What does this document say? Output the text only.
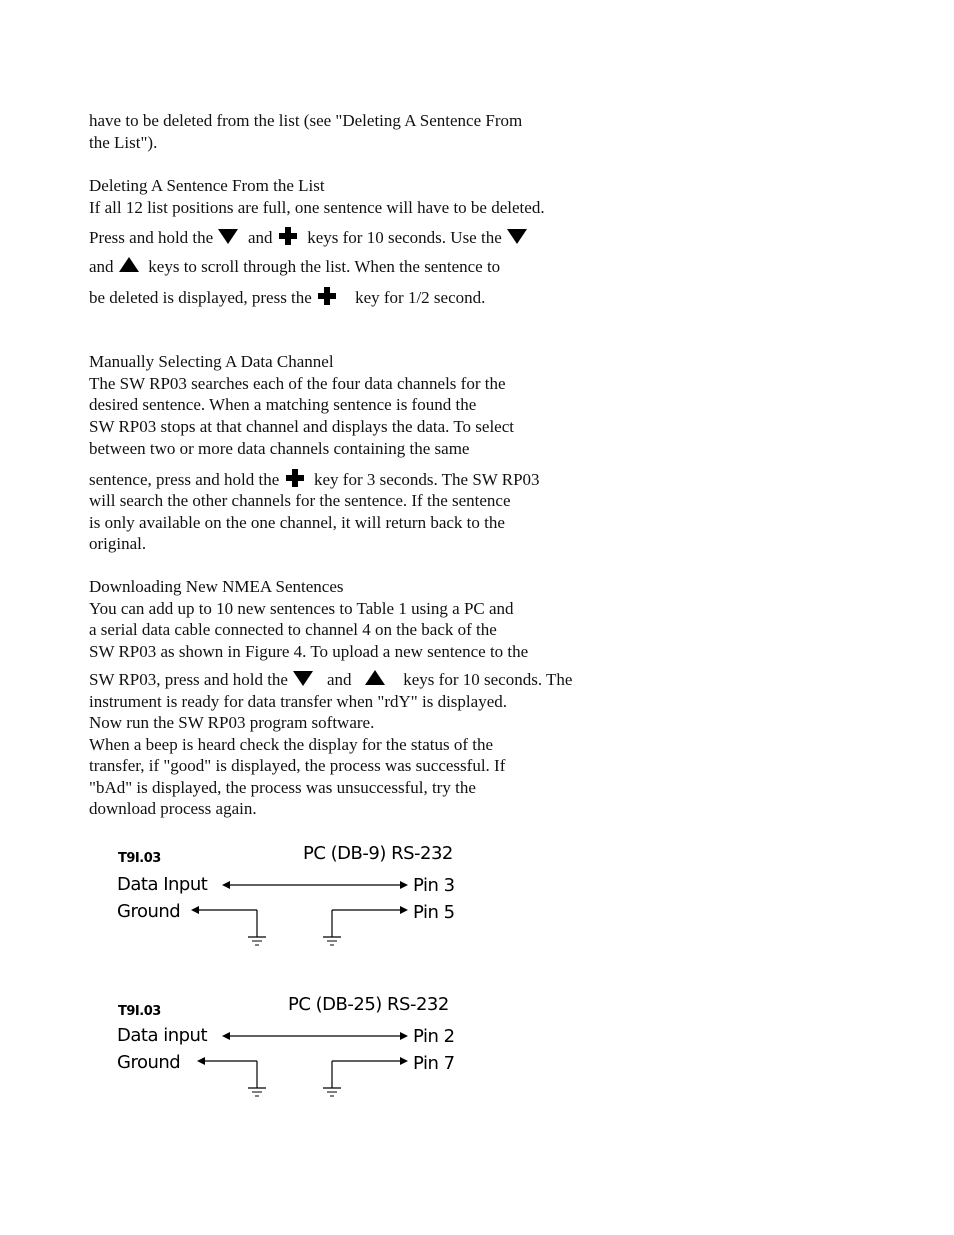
have to be deleted from the list (see "Deleting A Sentence From
the List").
Deleting A Sentence From the List
If all 12 list positions are full, one sentence will have to be deleted.
Press and hold the and keys for 10 seconds. Use the
and keys to scroll through the list. When the sentence to
be deleted is displayed, press the	key for 1/2 second.
Manually Selecting A Data Channel
The SW RP03 searches each of the four data channels for the
desired sentence. When a matching sentence is found the
SW RP03 stops at that channel and displays the data. To select
between two or more data channels containing the same
sentence, press and hold the key for 3 seconds. The SW RP03
will search the other channels for the sentence. If the sentence
is only available on the one channel, it will return back to the
original.
Downloading New NMEA Sentences
You can add up to 10 new sentences to Table 1 using a PC and
a serial data cable connected to channel 4 on the back of the
SW RP03 as shown in Figure 4. To upload a new sentence to the
SW RP03, press and hold the and	keys for 10 seconds. The
instrument is ready for data transfer when "rdY" is displayed.
Now run the SW RP03 program software.
When a beep is heard check the display for the status of the
transfer, if "good" is displayed, the process was successful. If
"bAd" is displayed, the process was unsuccessful, try the
download process again.
T9I.03	PC (DB-9) RS-232
Data Input	Pin 3
Ground	Pin 5
T9I.03	PC (DB-25) RS-232
Data input	Pin 2
Ground	Pin 7
